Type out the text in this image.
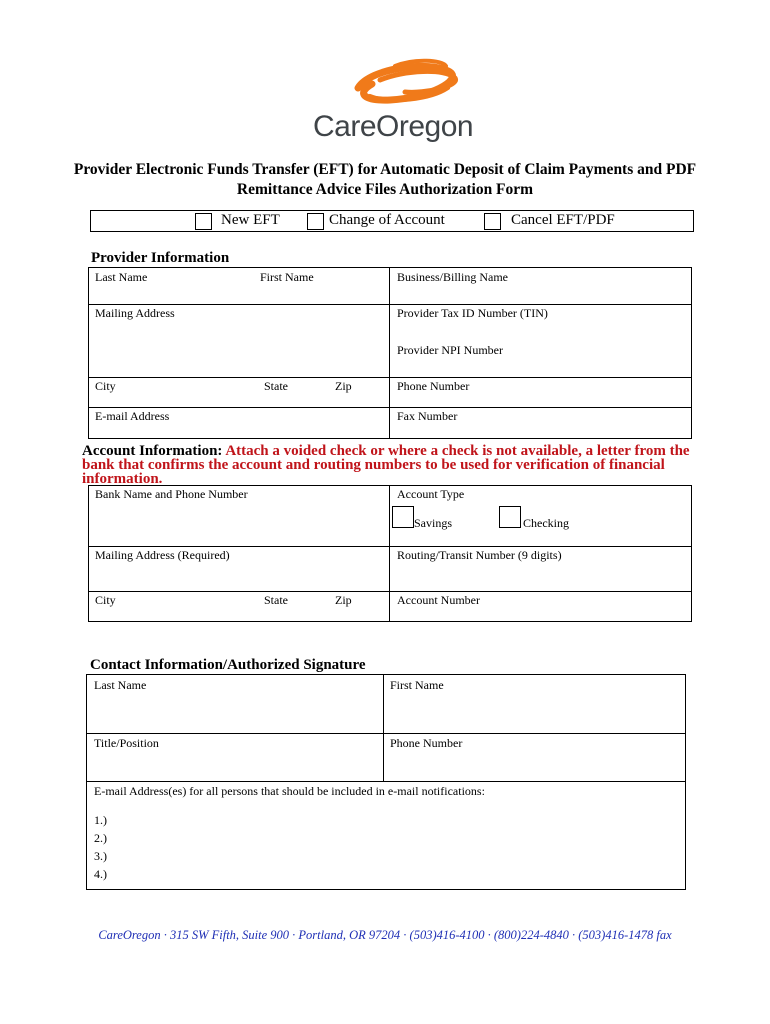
CareOregon
Provider Electronic Funds Transfer (EFT) for Automatic Deposit of Claim Payments and PDF
Remittance Advice Files Authorization Form
New EFT	Change of Account	Cancel EFT/PDF
Provider Information
Last Name	First Name	Business/Billing Name
Mailing Address	Provider Tax ID Number (TIN)
Provider NPI Number
City	State	Zip	Phone Number
E-mail Address	Fax Number
Account Information: Attach a voided check or where a check is not available, a letter from the bank that confirms the account and routing numbers to be used for verification of financial information.
Bank Name and Phone Number	Account Type
Savings	Checking
Mailing Address (Required)	Routing/Transit Number (9 digits)
City	State	Zip	Account Number
Contact Information/Authorized Signature
Last Name	First Name
Title/Position	Phone Number
E-mail Address(es) for all persons that should be included in e-mail notifications:
1.)
2.)
3.)
4.)
CareOregon · 315 SW Fifth, Suite 900 · Portland, OR 97204 · (503)416-4100 · (800)224-4840 · (503)416-1478 fax
